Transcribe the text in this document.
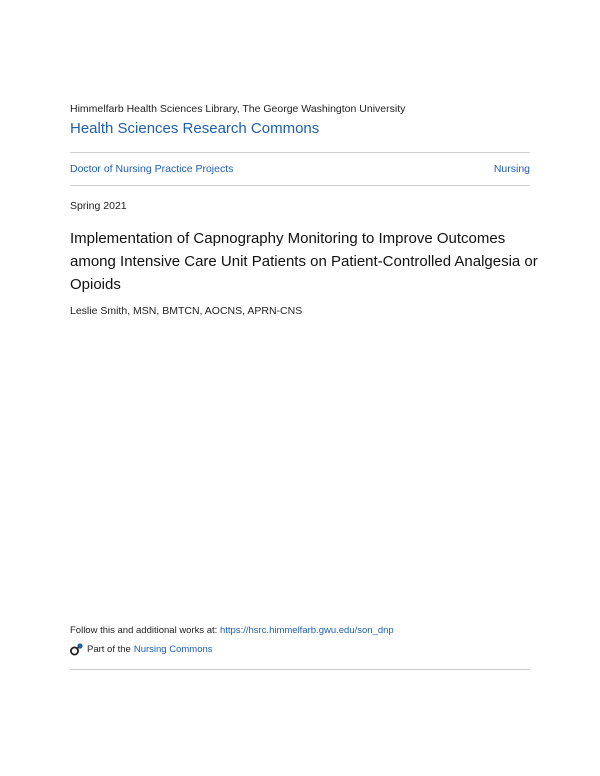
Himmelfarb Health Sciences Library, The George Washington University
Health Sciences Research Commons
Doctor of Nursing Practice Projects	Nursing
Spring 2021
Implementation of Capnography Monitoring to Improve Outcomes among Intensive Care Unit Patients on Patient-Controlled Analgesia or Opioids
Leslie Smith, MSN, BMTCN, AOCNS, APRN-CNS
Follow this and additional works at: https://hsrc.himmelfarb.gwu.edu/son_dnp
Part of the Nursing Commons
